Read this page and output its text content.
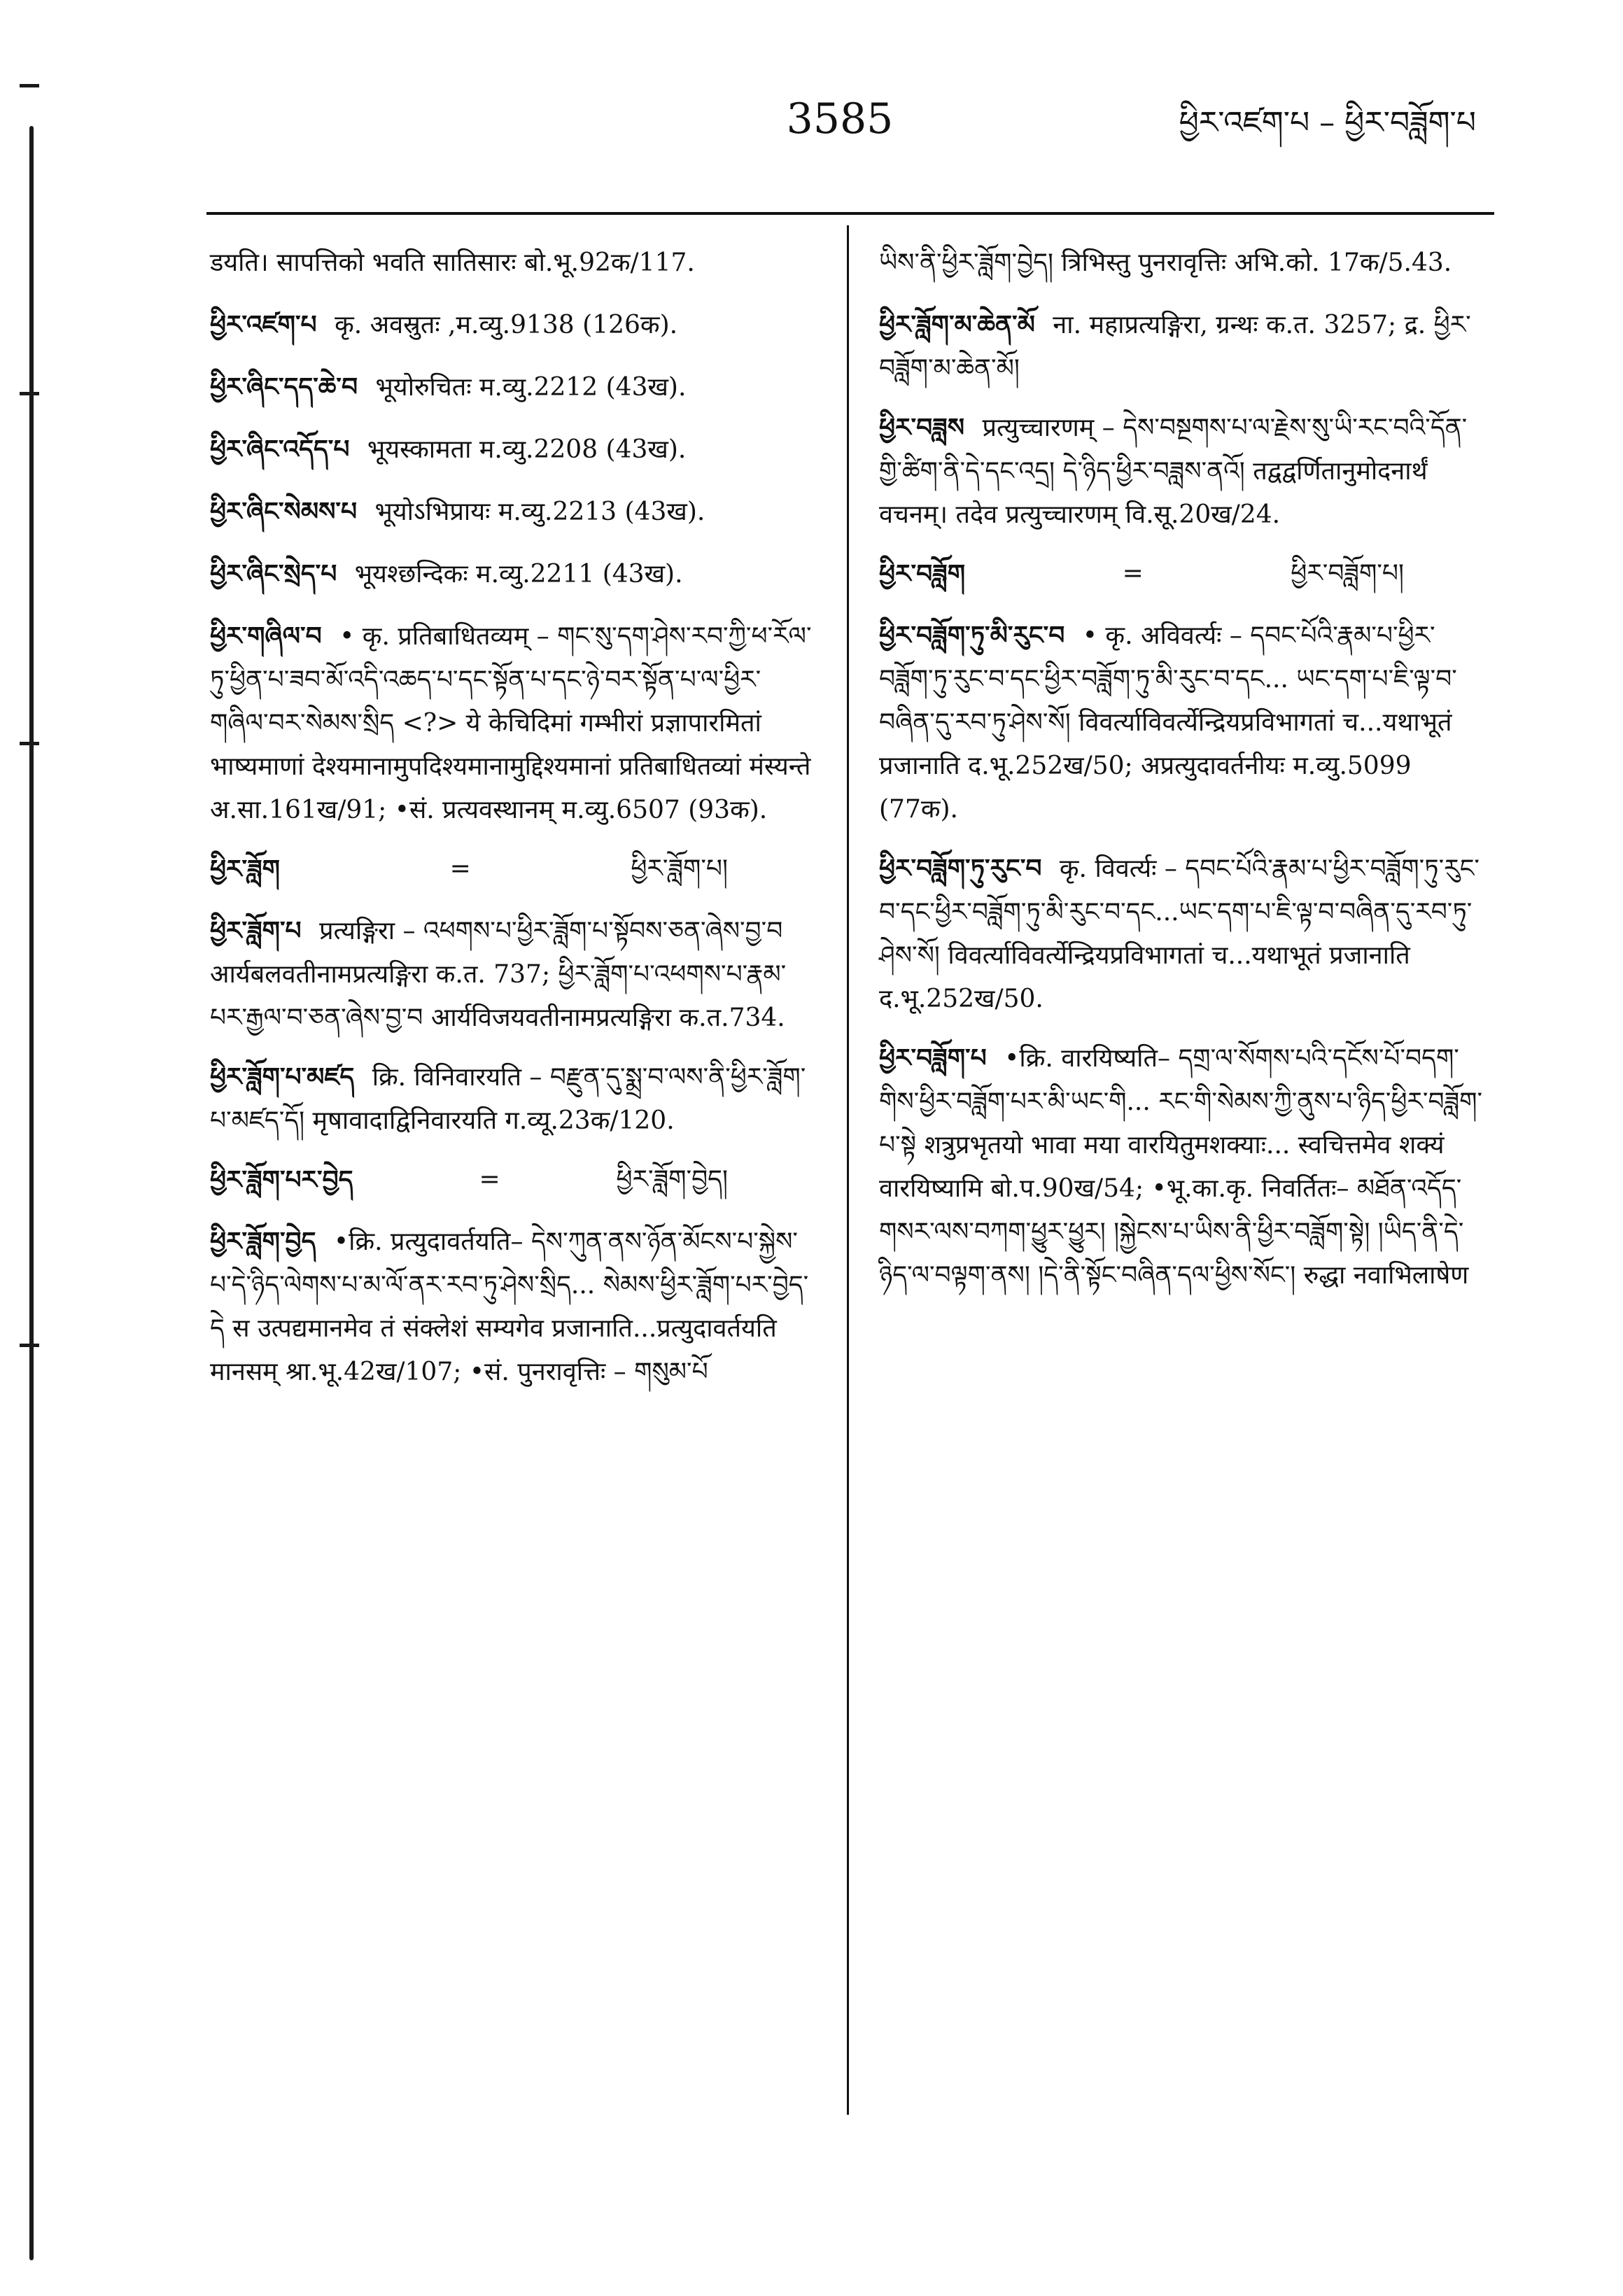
3585	ཕྱིར་འཛག་པ – ཕྱིར་བཟློག་པ
डयति। सापत्तिको भवति सातिसारः बो.भू.92क/117.
ཕྱིར་འཛག་པ कृ. अवस्रुतः ,म.व्यु.9138 (126क).
ཕྱིར་ཞིང་དད་ཆེ་བ भूयोरुचितः म.व्यु.2212 (43ख).
ཕྱིར་ཞིང་འདོད་པ भूयस्कामता म.व्यु.2208 (43ख).
ཕྱིར་ཞིང་སེམས་པ भूयोऽभिप्रायः म.व्यु.2213 (43ख).
ཕྱིར་ཞིང་སྲེད་པ भूयश्छन्दिकः म.व्यु.2211 (43ख).
ཕྱིར་གཞིལ་བ • कृ. प्रतिबाधितव्यम् – གང་སུ་དག་ཤེས་རབ་ཀྱི་ཕ་རོལ་ཏུ་ཕྱིན་པ་ཟབ་མོ་འདི་འཆད་པ་དང་སྟོན་པ་དང་ཉེ་བར་སྟོན་པ་ལ་ཕྱིར་གཞིལ་བར་སེམས་སྲིད <?> ये केचिदिमां गम्भीरां प्रज्ञापारमितां भाष्यमाणां देश्यमानामुपदिश्यमानामुद्दिश्यमानां प्रतिबाधितव्यां मंस्यन्ते अ.सा.161ख/91; •सं. प्रत्यवस्थानम् म.व्यु.6507 (93क).
ཕྱིར་ཟློག	=	ཕྱིར་ཟློག་པ།
ཕྱིར་ཟློག་པ प्रत्यङ्गिरा – འཕགས་པ་ཕྱིར་ཟློག་པ་སྟོབས་ཅན་ཞེས་བྱ་བ आर्यबलवतीनामप्रत्यङ्गिरा क.त. 737; ཕྱིར་ཟློག་པ་འཕགས་པ་རྣམ་པར་རྒྱལ་བ་ཅན་ཞེས་བྱ་བ आर्यविजयवतीनामप्रत्यङ्गिरा क.त.734.
ཕྱིར་ཟློག་པ་མཛད क्रि. विनिवारयति – བརྫུན་དུ་སྨྲ་བ་ལས་ནི་ཕྱིར་ཟློག་པ་མཛད་དོ། मृषावादाद्विनिवारयति ग.व्यू.23क/120.
ཕྱིར་ཟློག་པར་བྱེད	=	ཕྱིར་ཟློག་བྱེད།
ཕྱིར་ཟློག་བྱེད •क्रि. प्रत्युदावर्तयति– དེས་ཀུན་ནས་ཉོན་མོངས་པ་སྐྱེས་པ་དེ་ཉིད་ལེགས་པ་མ་ལོ་ནར་རབ་ཏུ་ཤེས་སྲིད... སེམས་ཕྱིར་ཟློག་པར་བྱེད་དེ स उत्पद्यमानमेव तं संक्लेशं सम्यगेव प्रजानाति...प्रत्युदावर्तयति मानसम् श्रा.भू.42ख/107; •सं. पुनरावृत्तिः – གསུམ་པོ
ཡིས་ནི་ཕྱིར་ཟློག་བྱེད། त्रिभिस्तु पुनरावृत्तिः अभि.को. 17क/5.43.
ཕྱིར་ཟློག་མ་ཆེན་མོ ना. महाप्रत्यङ्गिरा, ग्रन्थः क.त. 3257; द्र. ཕྱིར་བཟློག་མ་ཆེན་མོ།
ཕྱིར་བཟླས प्रत्युच्चारणम् – དེས་བསྔགས་པ་ལ་རྗེས་སུ་ཡི་རང་བའི་དོན་གྱི་ཚིག་ནི་དེ་དང་འདྲ། དེ་ཉིད་ཕྱིར་བཟླས་ནའོ། तद्वद्वर्णितानुमोदनार्थं वचनम्। तदेव प्रत्युच्चारणम् वि.सू.20ख/24.
ཕྱིར་བཟློག	=	ཕྱིར་བཟློག་པ།
ཕྱིར་བཟློག་ཏུ་མི་རུང་བ • कृ. अविवर्त्यः – དབང་པོའི་རྣམ་པ་ཕྱིར་བཟློག་ཏུ་རུང་བ་དང་ཕྱིར་བཟློག་ཏུ་མི་རུང་བ་དང... ཡང་དག་པ་ཇི་ལྟ་བ་བཞིན་དུ་རབ་ཏུ་ཤེས་སོ། विवर्त्याविवर्त्येन्द्रियप्रविभागतां च...यथाभूतं प्रजानाति द.भू.252ख/50; अप्रत्युदावर्तनीयः म.व्यु.5099 (77क).
ཕྱིར་བཟློག་ཏུ་རུང་བ कृ. विवर्त्यः – དབང་པོའི་རྣམ་པ་ཕྱིར་བཟློག་ཏུ་རུང་བ་དང་ཕྱིར་བཟློག་ཏུ་མི་རུང་བ་དང...ཡང་དག་པ་ཇི་ལྟ་བ་བཞིན་དུ་རབ་ཏུ་ཤེས་སོ། विवर्त्याविवर्त्येन्द्रियप्रविभागतां च...यथाभूतं प्रजानाति द.भू.252ख/50.
ཕྱིར་བཟློག་པ •क्रि. वारयिष्यति– དགྲ་ལ་སོགས་པའི་དངོས་པོ་བདག་གིས་ཕྱིར་བཟློག་པར་མི་ཡང་གི... རང་གི་སེམས་ཀྱི་ནུས་པ་ཉིད་ཕྱིར་བཟློག་པ་སྟེ शत्रुप्रभृतयो भावा मया वारयितुमशक्याः... स्वचित्तमेव शक्यं वारयिष्यामि बो.प.90ख/54; •भू.का.कृ. निवर्तितः– མཐོན་འདོད་གསར་ལས་བཀག་ཕྱུར་ཕྱུར། །སྐྱེངས་པ་ཡིས་ནི་ཕྱིར་བཟློག་སྟེ། །ཡིད་ནི་དེ་ཉིད་ལ་བལྟག་ནས། །དེ་ནི་སྟོང་བཞིན་དལ་ཕྱིས་སོང་། रुद्धा नवाभिलाषेण
